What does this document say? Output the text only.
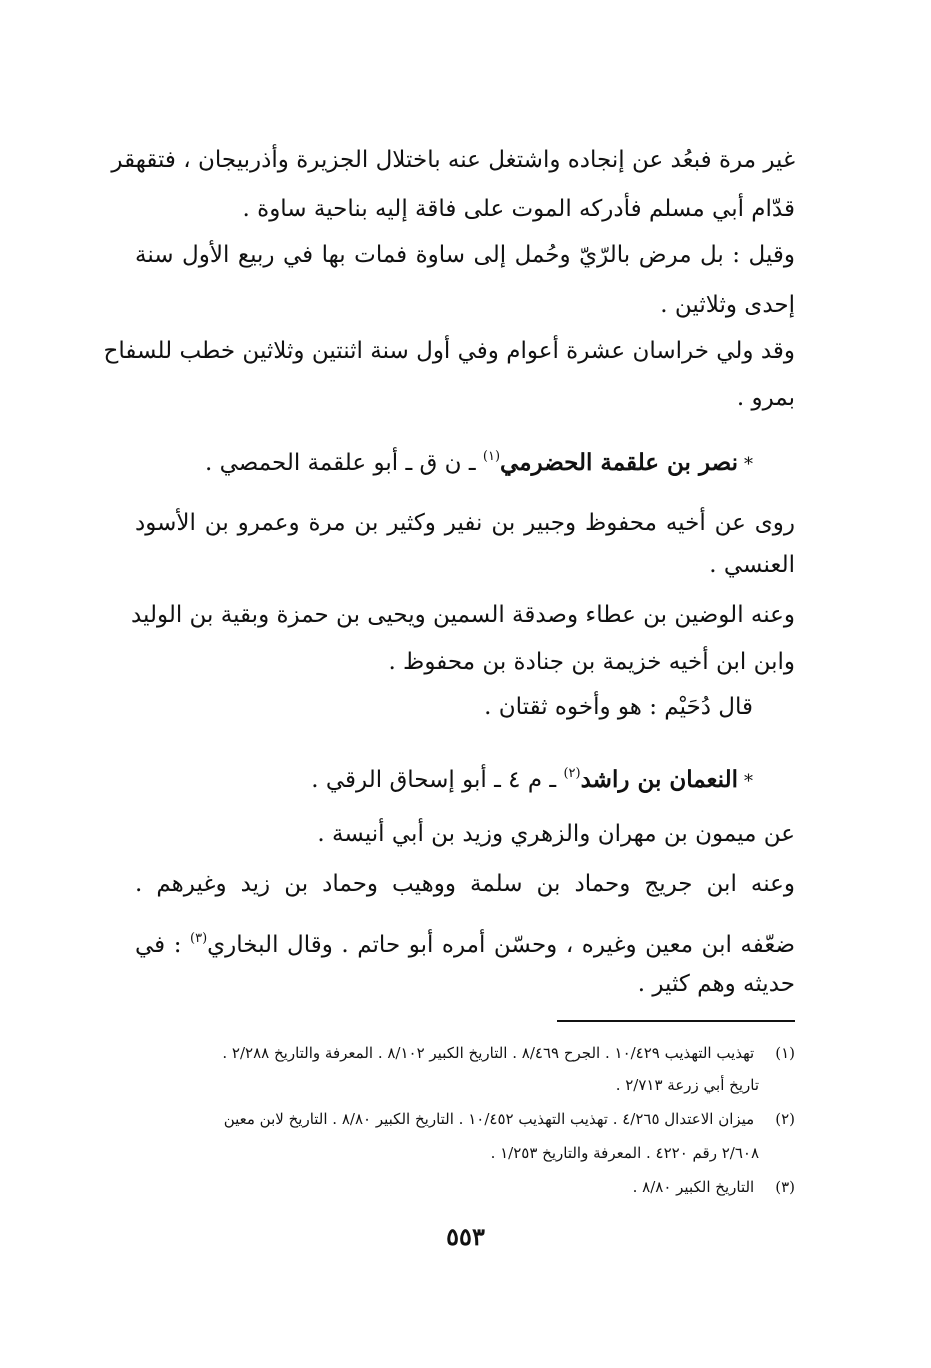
غير مرة فبعُد عن إنجاده واشتغل عنه باختلال الجزيرة وأذربيجان ، فتقهقر
قدّام أبي مسلم فأدركه الموت على فاقة إليه بناحية ساوة .
وقيل : بل مرض بالرّيّ وحُمل إلى ساوة فمات بها في ربيع الأول سنة
إحدى وثلاثين .
وقد ولي خراسان عشرة أعوام وفي أول سنة اثنتين وثلاثين خطب للسفاح
بمرو .
*نصر بن علقمة الحضرمي$^{(١)}$ ـ ن ق ـ أبو علقمة الحمصي .
روى عن أخيه محفوظ وجبير بن نفير وكثير بن مرة وعمرو بن الأسود
العنسي .
وعنه الوضين بن عطاء وصدقة السمين ويحيى بن حمزة وبقية بن الوليد
وابن ابن أخيه خزيمة بن جنادة بن محفوظ .
قال دُحَيْم : هو وأخوه ثقتان .
*النعمان بن راشد$^{(٢)}$ ـ م ٤ ـ أبو إسحاق الرقي .
عن ميمون بن مهران والزهري وزيد بن أبي أنيسة .
وعنه ابن جريج وحماد بن سلمة ووهيب وحماد بن زيد وغيرهم .
ضعّفه ابن معين وغيره ، وحسّن أمره أبو حاتم . وقال البخاري$^{(٣)}$ : في
حديثه وهم كثير .
(١) تهذيب التهذيب ١٠/٤٢٩ . الجرح ٨/٤٦٩ . التاريخ الكبير ٨/١٠٢ . المعرفة والتاريخ ٢/٢٨٨ .
تاريخ أبي زرعة ٢/٧١٣ .
(٢) ميزان الاعتدال ٤/٢٦٥ . تهذيب التهذيب ١٠/٤٥٢ . التاريخ الكبير ٨/٨٠ . التاريخ لابن معين
٢/٦٠٨ رقم ٤٢٢٠ . المعرفة والتاريخ ١/٢٥٣ .
(٣) التاريخ الكبير ٨/٨٠ .
٥٥٣
